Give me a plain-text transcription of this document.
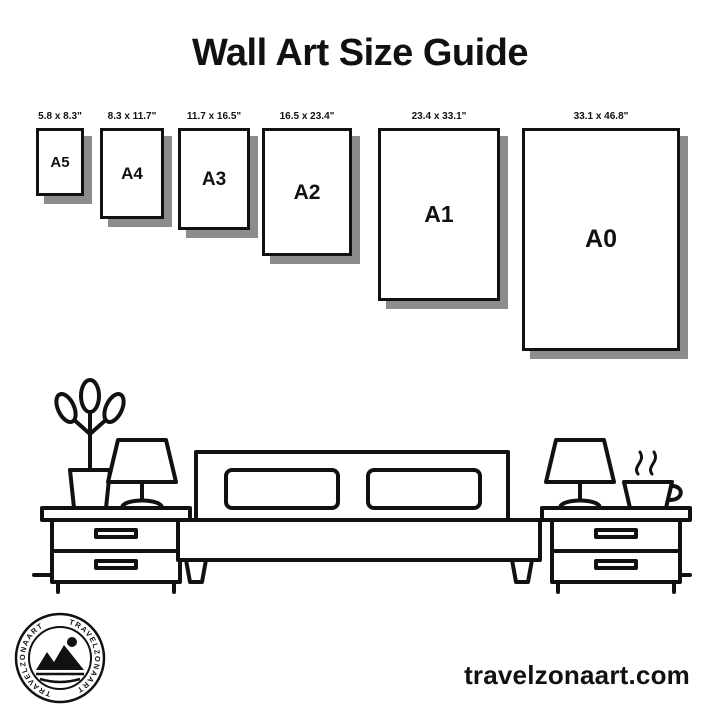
Wall Art Size Guide
5.8 x 8.3"
A5
8.3 x 11.7"
A4
11.7 x 16.5"
A3
16.5 x 23.4"
A2
23.4 x 33.1"
A1
33.1 x 46.8"
A0
TRAVELZONAART
TRAVELZONAART
travelzonaart.com
